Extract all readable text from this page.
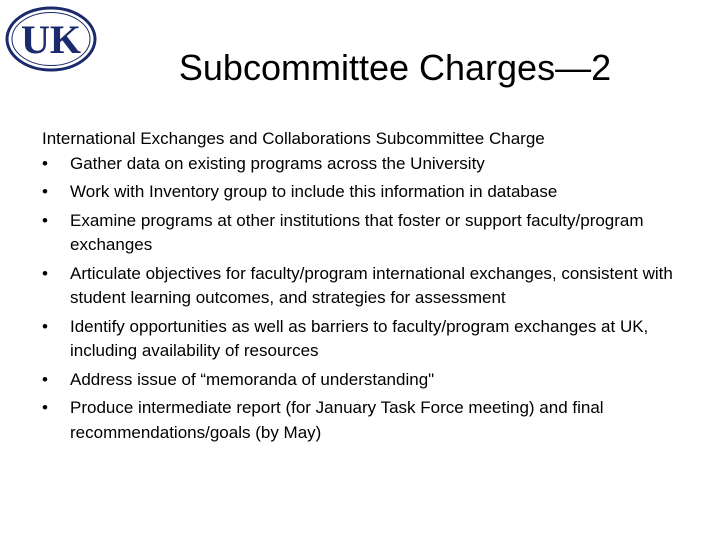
UK
Subcommittee Charges—2

International Exchanges and Collaborations Subcommittee Charge

• Gather data on existing programs across the University
• Work with Inventory group to include this information in database
• Examine programs at other institutions that foster or support faculty/program exchanges
• Articulate objectives for faculty/program international exchanges, consistent with student learning outcomes, and strategies for assessment
• Identify opportunities as well as barriers to faculty/program exchanges at UK, including availability of resources
• Address issue of “memoranda of understanding"
• Produce intermediate report (for January Task Force meeting) and final recommendations/goals (by May)
